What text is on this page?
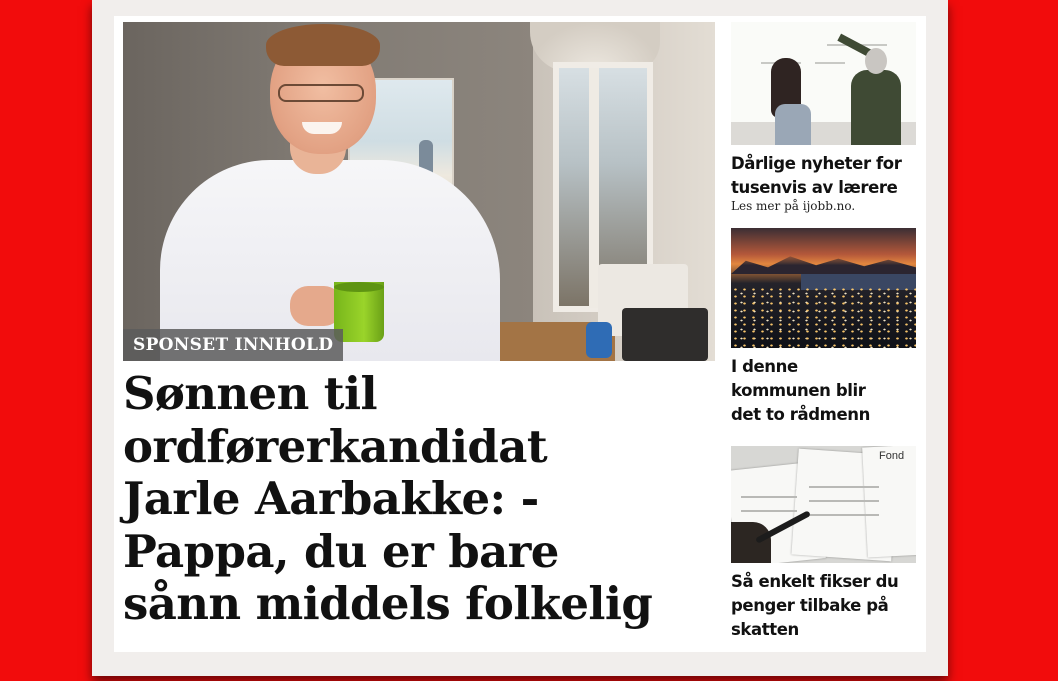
SPONSET INNHOLD
Sønnen til
ordførerkandidat
Jarle Aarbakke: -
Pappa, du er bare
sånn middels folkelig
Dårlige nyheter for
tusenvis av lærere

Les mer på ijobb.no.

I denne
kommunen blir
det to rådmenn
Fond
Så enkelt fikser du
penger tilbake på
skatten
